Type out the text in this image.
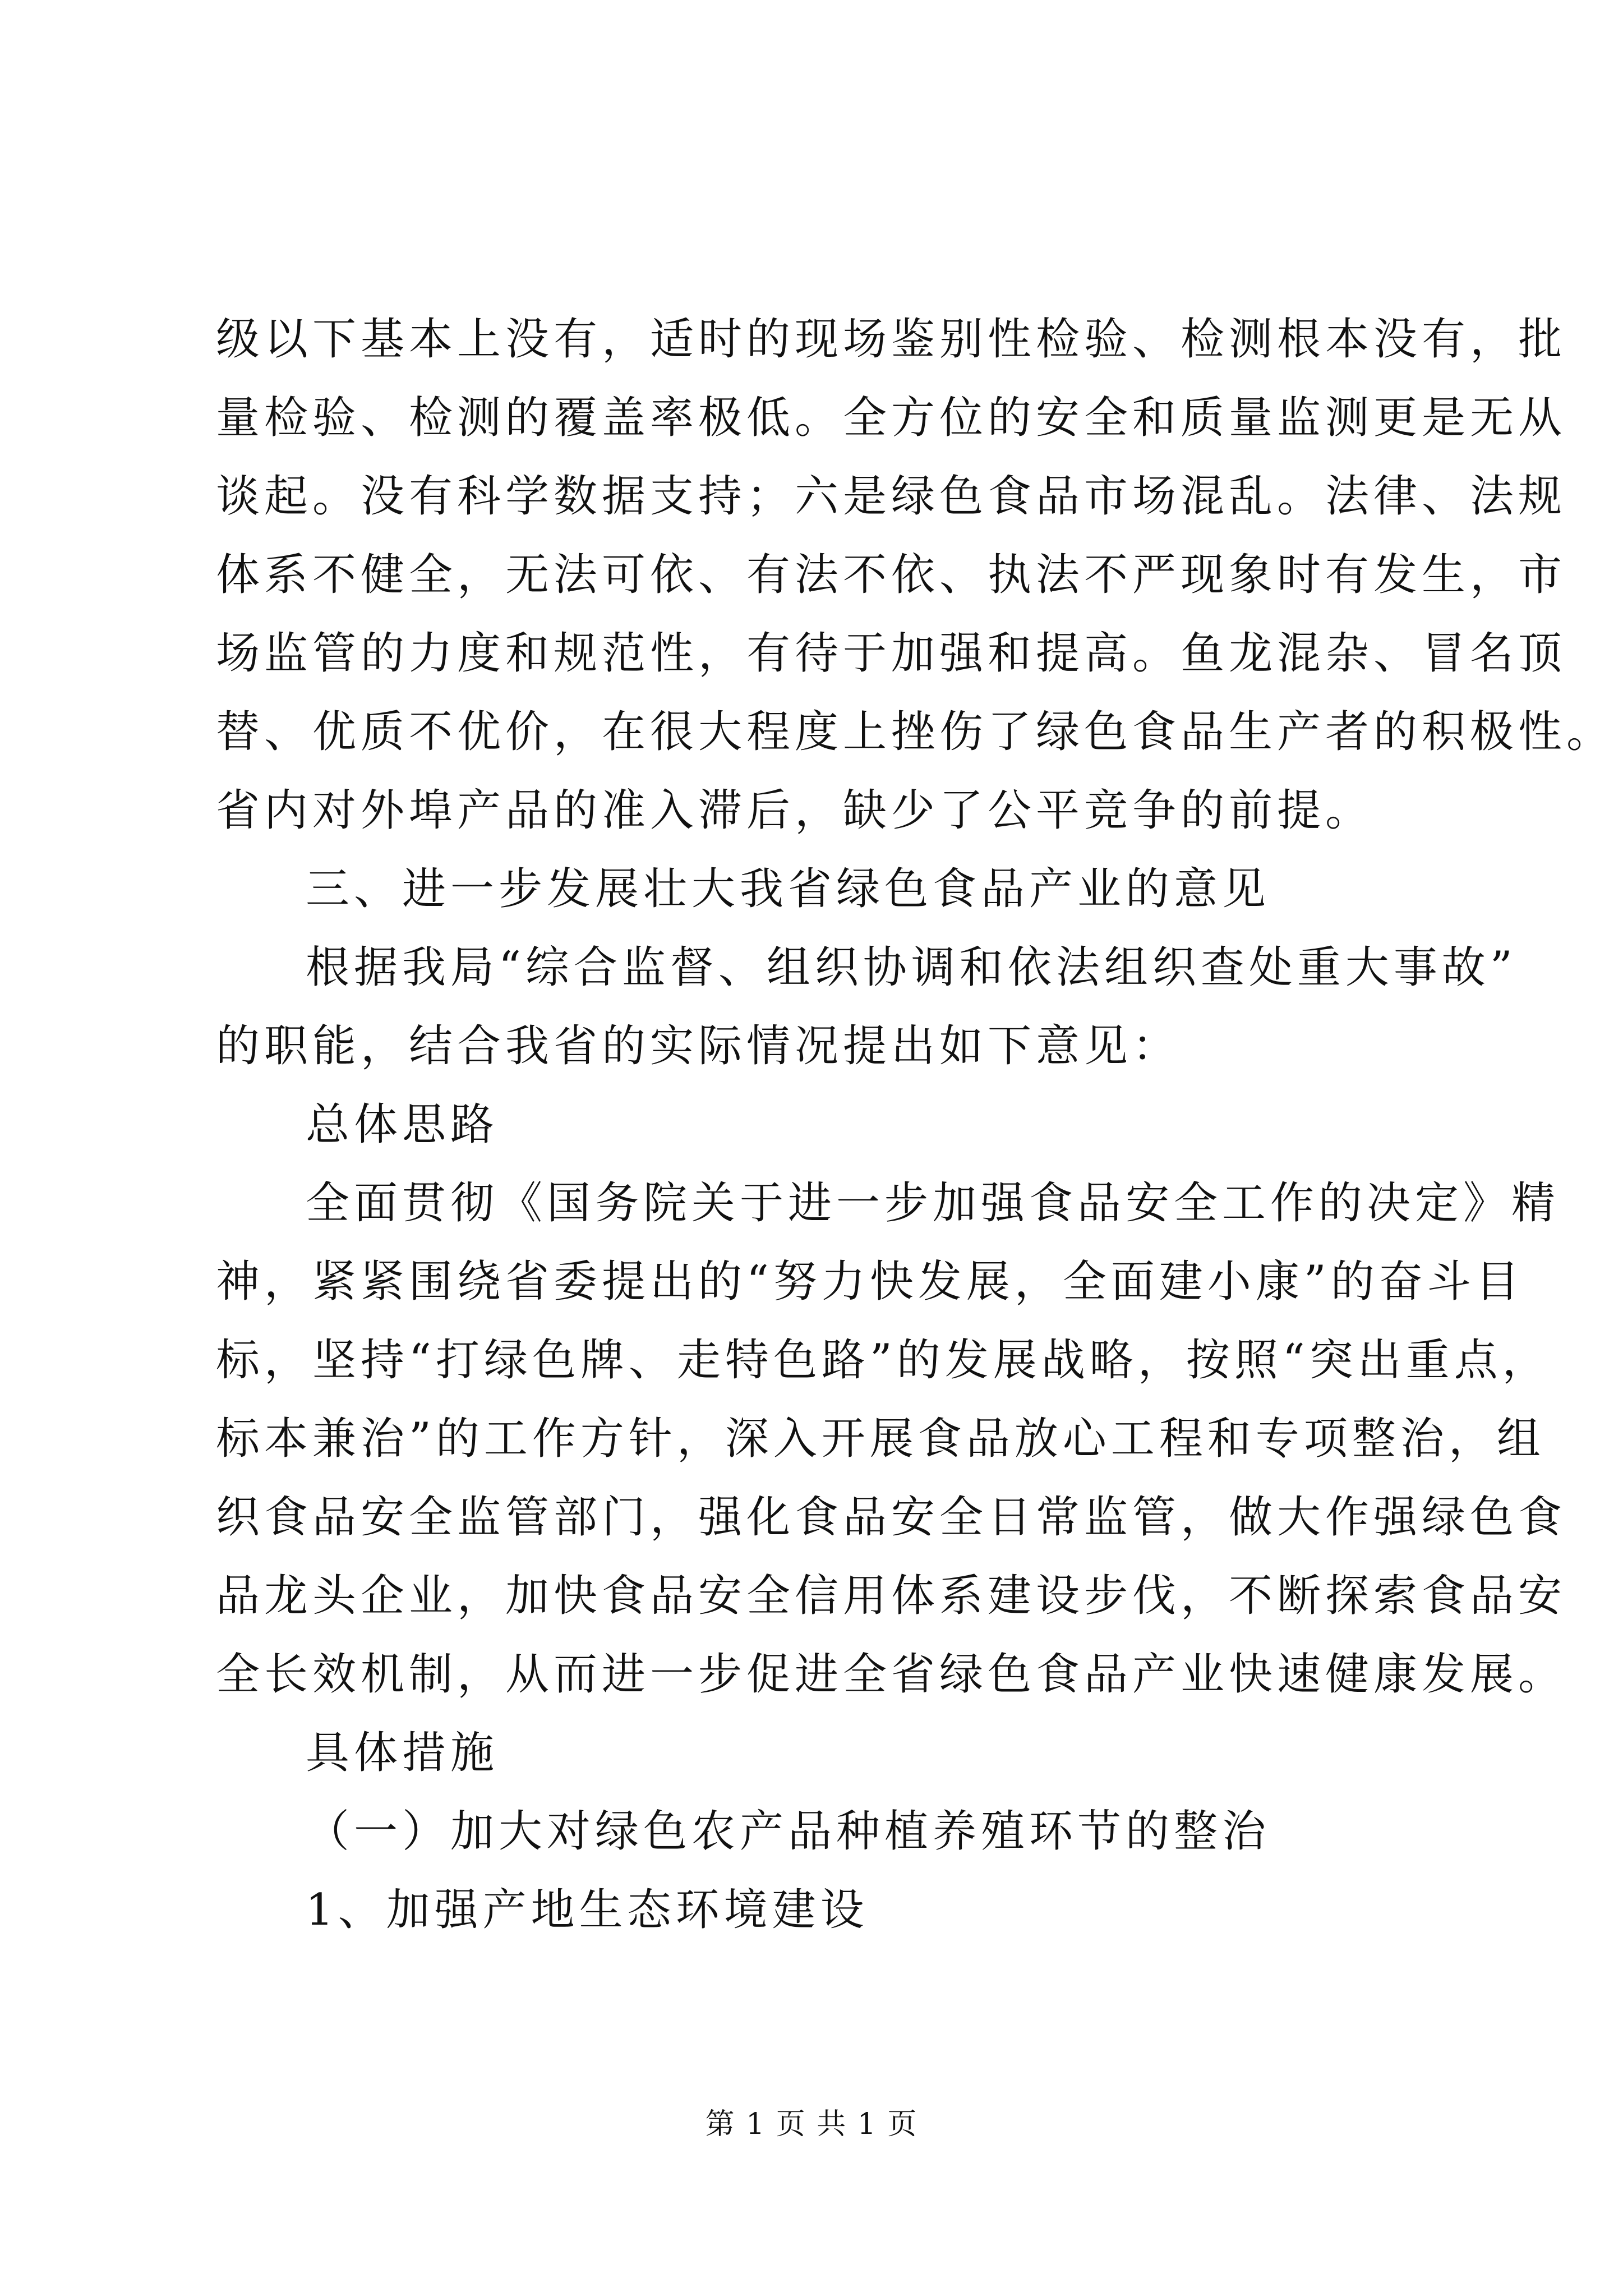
级以下基本上没有，适时的现场鉴别性检验、检测根本没有，批
量检验、检测的覆盖率极低。全方位的安全和质量监测更是无从
谈起。没有科学数据支持；六是绿色食品市场混乱。法律、法规
体系不健全，无法可依、有法不依、执法不严现象时有发生，市
场监管的力度和规范性，有待于加强和提高。鱼龙混杂、冒名顶
替、优质不优价，在很大程度上挫伤了绿色食品生产者的积极性。
省内对外埠产品的准入滞后，缺少了公平竞争的前提。
三、进一步发展壮大我省绿色食品产业的意见
根据我局“综合监督、组织协调和依法组织查处重大事故”
的职能，结合我省的实际情况提出如下意见：
总体思路
全面贯彻《国务院关于进一步加强食品安全工作的决定》精
神，紧紧围绕省委提出的“努力快发展，全面建小康”的奋斗目
标，坚持“打绿色牌、走特色路”的发展战略，按照“突出重点，
标本兼治”的工作方针，深入开展食品放心工程和专项整治，组
织食品安全监管部门，强化食品安全日常监管，做大作强绿色食
品龙头企业，加快食品安全信用体系建设步伐，不断探索食品安
全长效机制，从而进一步促进全省绿色食品产业快速健康发展。
具体措施
（一）加大对绿色农产品种植养殖环节的整治
1、加强产地生态环境建设
第 1 页 共 1 页
